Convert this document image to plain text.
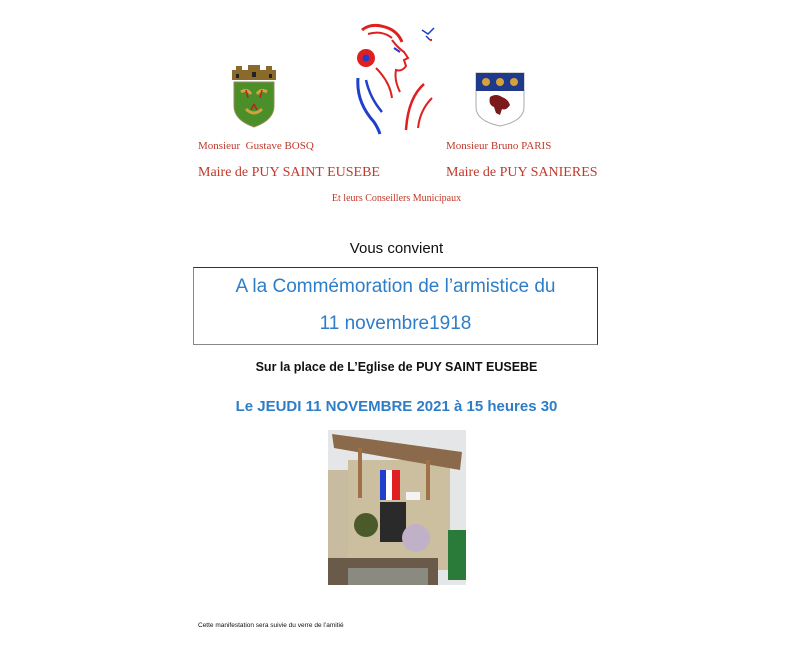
Monsieur  Gustave BOSQ
Maire de PUY SAINT EUSEBE
Monsieur Bruno PARIS
Maire de PUY SANIERES
Et leurs Conseillers Municipaux
Vous convient
A la Commémoration de l’armistice du
11 novembre1918
Sur la place de L’Eglise de PUY SAINT EUSEBE
Le JEUDI 11 NOVEMBRE 2021 à 15 heures 30
Cette manifestation sera suivie du verre de l’amitié
